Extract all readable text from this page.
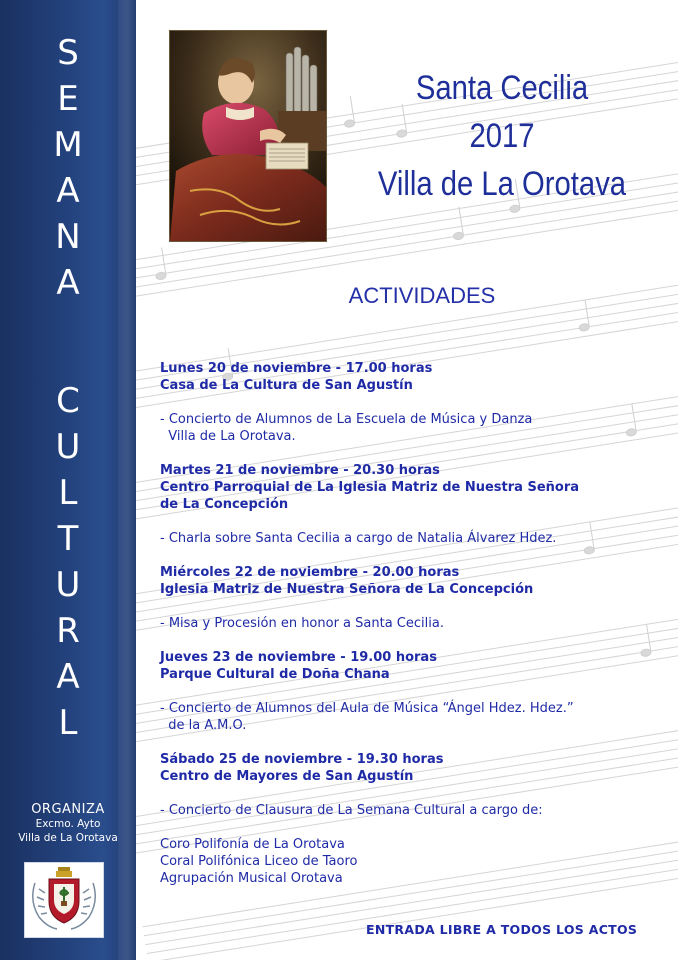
S
E
M
A
N
A
C
U
L
T
U
R
A
L
ORGANIZA
Excmo. Ayto
Villa de La Orotava
Santa Cecilia
2017
Villa de La Orotava
ACTIVIDADES
Lunes 20 de noviembre - 17.00 horas
Casa de La Cultura de San Agustín
- Concierto de Alumnos de La Escuela de Música y Danza
Villa de La Orotava.
Martes 21 de noviembre - 20.30 horas
Centro Parroquial de La Iglesia Matriz de Nuestra Señora
de La Concepción
- Charla sobre Santa Cecilia a cargo de Natalia Álvarez Hdez.
Miércoles 22 de noviembre - 20.00 horas
Iglesia Matriz de Nuestra Señora de La Concepción
- Misa y Procesión en honor a Santa Cecilia.
Jueves 23 de noviembre - 19.00 horas
Parque Cultural de Doña Chana
- Concierto de Alumnos del Aula de Música “Ángel Hdez. Hdez.”
de la A.M.O.
Sábado 25 de noviembre - 19.30 horas
Centro de Mayores de San Agustín
- Concierto de Clausura de La Semana Cultural a cargo de:
Coro Polifonía de La Orotava
Coral Polifónica Liceo de Taoro
Agrupación Musical Orotava
ENTRADA LIBRE A TODOS LOS ACTOS
